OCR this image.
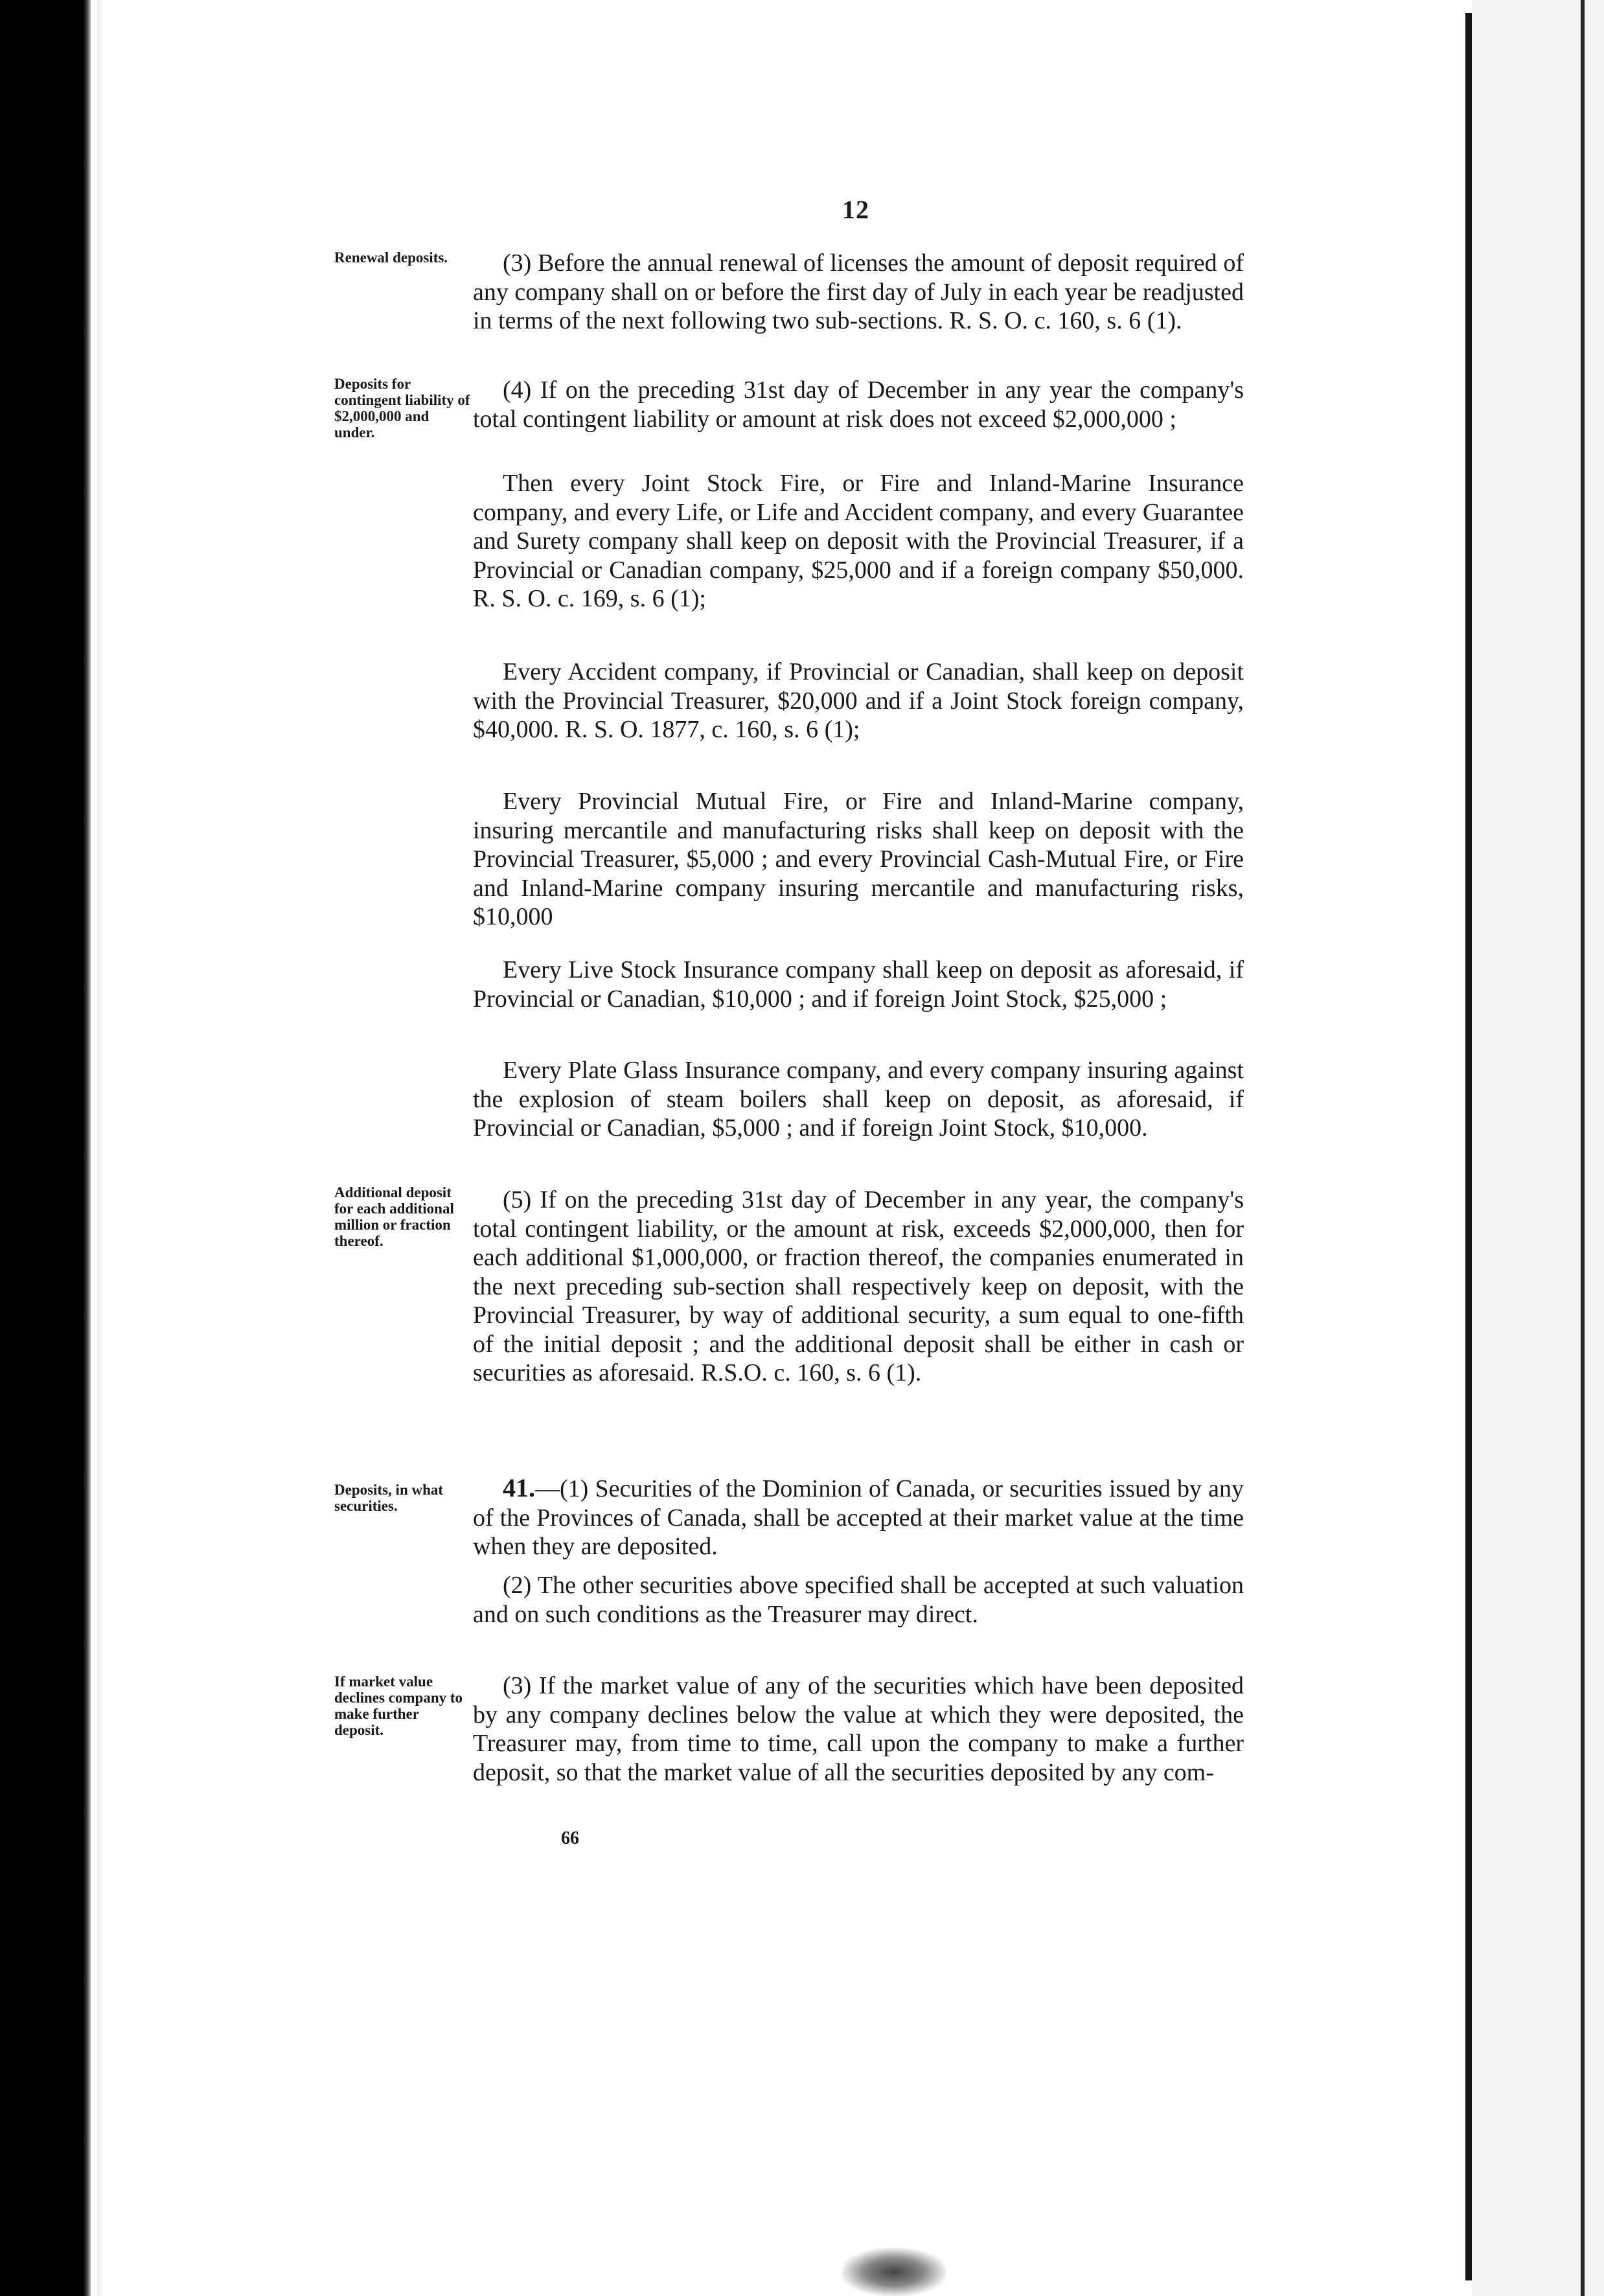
12
Renewal deposits.
Deposits for contingent liability of $2,000,000 and under.
Additional deposit for each additional million or fraction thereof.
Deposits, in what securities.
If market value declines company to make further deposit.

(3) Before the annual renewal of licenses the amount of deposit required of any company shall on or before the first day of July in each year be readjusted in terms of the next following two sub-sections. R. S. O. c. 160, s. 6 (1).

(4) If on the preceding 31st day of December in any year the company's total contingent liability or amount at risk does not exceed $2,000,000 ;

Then every Joint Stock Fire, or Fire and Inland-Marine Insurance company, and every Life, or Life and Accident company, and every Guarantee and Surety company shall keep on deposit with the Provincial Treasurer, if a Provincial or Canadian company, $25,000 and if a foreign company $50,000. R. S. O. c. 169, s. 6 (1);

Every Accident company, if Provincial or Canadian, shall keep on deposit with the Provincial Treasurer, $20,000 and if a Joint Stock foreign company, $40,000. R. S. O. 1877, c. 160, s. 6 (1);

Every Provincial Mutual Fire, or Fire and Inland-Marine company, insuring mercantile and manufacturing risks shall keep on deposit with the Provincial Treasurer, $5,000 ; and every Provincial Cash-Mutual Fire, or Fire and Inland-Marine company insuring mercantile and manufacturing risks, $10,000

Every Live Stock Insurance company shall keep on deposit as aforesaid, if Provincial or Canadian, $10,000 ; and if foreign Joint Stock, $25,000 ;

Every Plate Glass Insurance company, and every company insuring against the explosion of steam boilers shall keep on deposit, as aforesaid, if Provincial or Canadian, $5,000 ; and if foreign Joint Stock, $10,000.

(5) If on the preceding 31st day of December in any year, the company's total contingent liability, or the amount at risk, exceeds $2,000,000, then for each additional $1,000,000, or fraction thereof, the companies enumerated in the next preceding sub-section shall respectively keep on deposit, with the Provincial Treasurer, by way of additional security, a sum equal to one-fifth of the initial deposit ; and the additional deposit shall be either in cash or securities as aforesaid. R.S.O. c. 160, s. 6 (1).

41.—(1) Securities of the Dominion of Canada, or securities issued by any of the Provinces of Canada, shall be accepted at their market value at the time when they are deposited.

(2) The other securities above specified shall be accepted at such valuation and on such conditions as the Treasurer may direct.

(3) If the market value of any of the securities which have been deposited by any company declines below the value at which they were deposited, the Treasurer may, from time to time, call upon the company to make a further deposit, so that the market value of all the securities deposited by any com-

66
